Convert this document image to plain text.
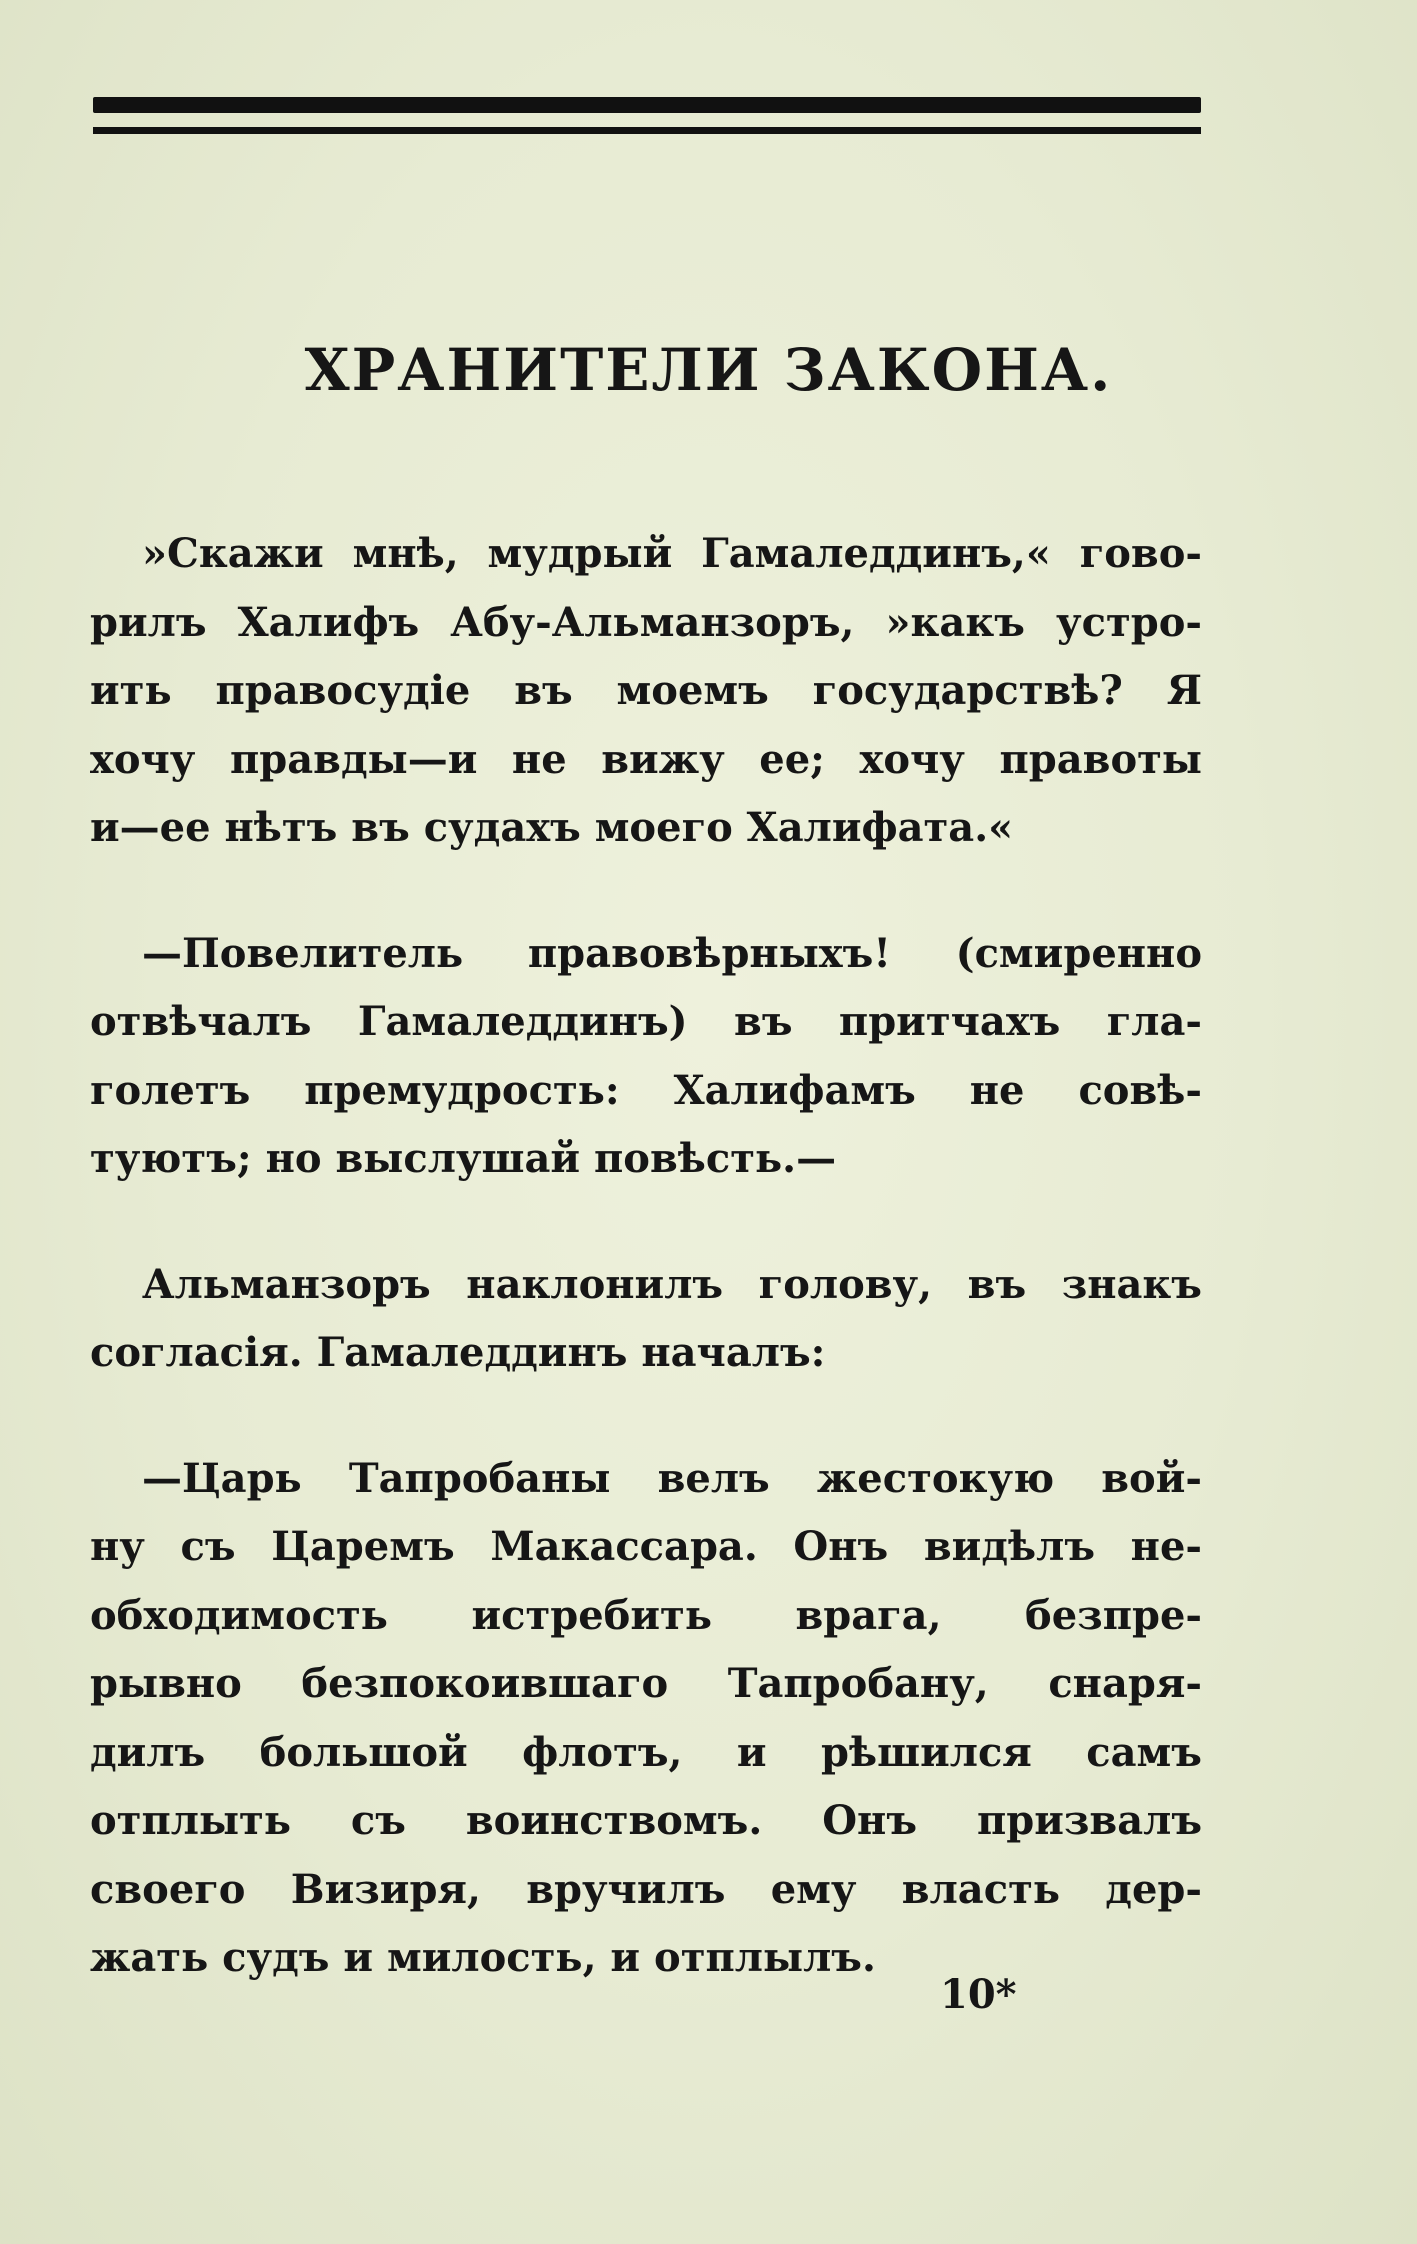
ХРАНИТЕЛИ ЗАКОНА.
»Скажи мнѣ, мудрый Гамаледдинъ,« гово-
рилъ Халифъ Абу-Альманзоръ, »какъ устро-
ить правосудіе въ моемъ государствѣ? Я
хочу правды—и не вижу ее; хочу правоты
и—ее нѣтъ въ судахъ моего Халифата.«
—Повелитель правовѣрныхъ! (смиренно
отвѣчалъ Гамаледдинъ) въ притчахъ гла-
голетъ премудрость: Халифамъ не совѣ-
туютъ; но выслушай повѣсть.—
Альманзоръ наклонилъ голову, въ знакъ
согласія. Гамаледдинъ началъ:
—Царь Тапробаны велъ жестокую вой-
ну съ Царемъ Макассара. Онъ видѣлъ не-
обходимость истребить врага, безпре-
рывно безпокоившаго Тапробану, снаря-
дилъ большой флотъ, и рѣшился самъ
отплыть съ воинствомъ. Онъ призвалъ
своего Визиря, вручилъ ему власть дер-
жать судъ и милость, и отплылъ.
10*
